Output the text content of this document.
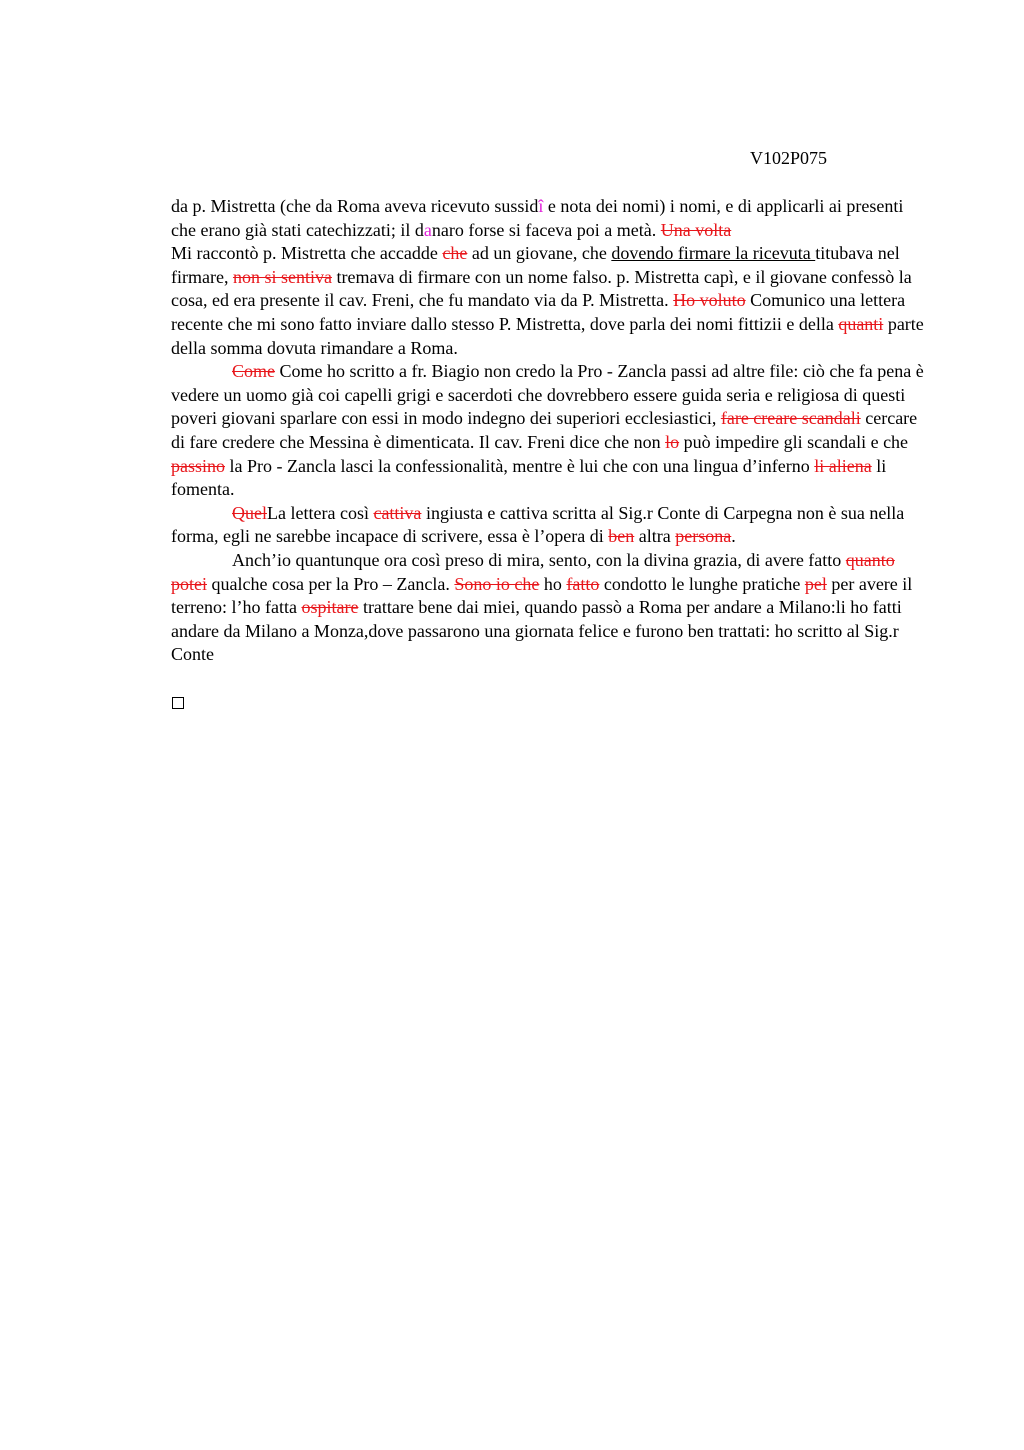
V102P075

da p. Mistretta (che da Roma aveva ricevuto sussidî e nota dei nomi) i nomi, e di applicarli ai presenti che erano già stati catechizzati; il danaro forse si faceva poi a metà. Una volta
Mi raccontò p. Mistretta che accadde che ad un giovane, che dovendo firmare la ricevuta titubava nel firmare, non si sentiva tremava di firmare con un nome falso. p. Mistretta capì, e il giovane confessò la cosa, ed era presente il cav. Freni, che fu mandato via da P. Mistretta. Ho voluto Comunico una lettera recente che mi sono fatto inviare dallo stesso P. Mistretta, dove parla dei nomi fittizii e della quanti parte della somma dovuta rimandare a Roma.

Come Come ho scritto a fr. Biagio non credo la Pro - Zancla passi ad altre file: ciò che fa pena è vedere un uomo già coi capelli grigi e sacerdoti che dovrebbero essere guida seria e religiosa di questi poveri giovani sparlare con essi in modo indegno dei superiori ecclesiastici, fare creare scandali cercare di fare credere che Messina è dimenticata. Il cav. Freni dice che non lo può impedire gli scandali e che passino la Pro - Zancla lasci la confessionalità, mentre è lui che con una lingua d’inferno li aliena li fomenta.

QuelLa lettera così cattiva ingiusta e cattiva scritta al Sig.r Conte di Carpegna non è sua nella forma, egli ne sarebbe incapace di scrivere, essa è l’opera di ben altra persona.

Anch’io quantunque ora così preso di mira, sento, con la divina grazia, di avere fatto quanto potei qualche cosa per la Pro – Zancla. Sono io che ho fatto condotto le lunghe pratiche pel per avere il terreno: l’ho fatta ospitare trattare bene dai miei, quando passò a Roma per andare a Milano:li ho fatti andare da Milano a Monza,dove passarono una giornata felice e furono ben trattati: ho scritto al Sig.r Conte
